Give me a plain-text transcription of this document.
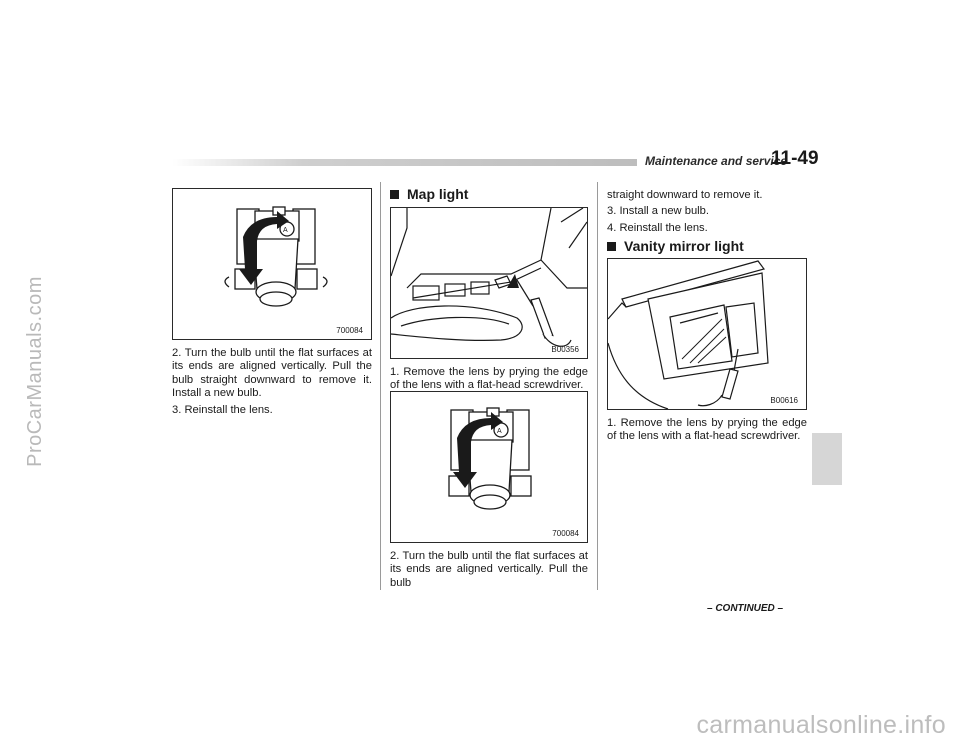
ProCarManuals.com
carmanualsonline.info
Maintenance and service
11-49
A
700084

2. Turn the bulb until the flat surfaces at its ends are aligned vertically. Pull the bulb straight downward to remove it. Install a new bulb.

3. Reinstall the lens.

Map light
B00356

1. Remove the lens by prying the edge of the lens with a flat-head screwdriver.

A
700084

2. Turn the bulb until the flat surfaces at its ends are aligned vertically. Pull the bulb

straight downward to remove it.

3. Install a new bulb.

4. Reinstall the lens.

Vanity mirror light
B00616

1. Remove the lens by prying the edge of the lens with a flat-head screwdriver.

– CONTINUED –
